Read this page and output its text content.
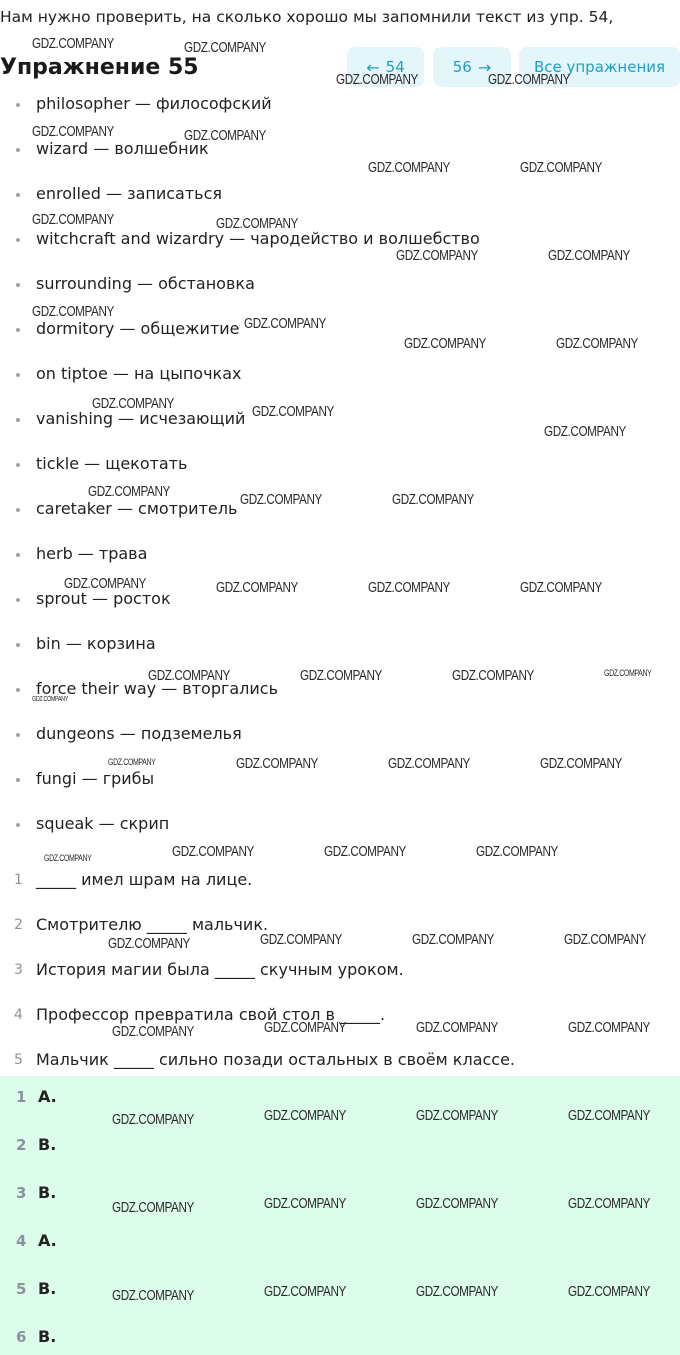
Нам нужно проверить, на сколько хорошо мы запомнили текст из упр. 54,
Упражнение 55	← 54	56 →	Все упражнения
philosopher — философский
wizard — волшебник
enrolled — записаться
witchcraft and wizardry — чародейство и волшебство
surrounding — обстановка
dormitory — общежитие
on tiptoe — на цыпочках
vanishing — исчезающий
tickle — щекотать
caretaker — смотритель
herb — трава
sprout — росток
bin — корзина
force their way — вторгались
dungeons — подземелья
fungi — грибы
squeak — скрип
1 _____ имел шрам на лице.
2 Смотрителю _____ мальчик.
3 История магии была _____ скучным уроком.
4 Профессор превратила свой стол в _____.
5 Мальчик _____ сильно позади остальных в своём классе.
1 A.
2 B.
3 B.
4 A.
5 B.
6 B.
GDZ.COMPANY	GDZ.COMPANY
GDZ.COMPANY	GDZ.COMPANY
GDZ.COMPANY	GDZ.COMPANY
GDZ.COMPANY	GDZ.COMPANY
GDZ.COMPANY	GDZ.COMPANY
GDZ.COMPANY	GDZ.COMPANY
GDZ.COMPANY
GDZ.COMPANY
GDZ.COMPANY	GDZ.COMPANY
GDZ.COMPANY	GDZ.COMPANY
GDZ.COMPANY
GDZ.COMPANY	GDZ.COMPANY	GDZ.COMPANY
GDZ.COMPANY	GDZ.COMPANY	GDZ.COMPANY	GDZ.COMPANY
GDZ.COMPANY	GDZ.COMPANY	GDZ.COMPANY	GDZ.COMPANY
GDZ.COMPANY
GDZ.COMPANY	GDZ.COMPANY	GDZ.COMPANY	GDZ.COMPANY
GDZ.COMPANY	GDZ.COMPANY	GDZ.COMPANY	GDZ.COMPANY
GDZ.COMPANY	GDZ.COMPANY	GDZ.COMPANY	GDZ.COMPANY
GDZ.COMPANY	GDZ.COMPANY	GDZ.COMPANY	GDZ.COMPANY
GDZ.COMPANY	GDZ.COMPANY	GDZ.COMPANY	GDZ.COMPANY
GDZ.COMPANY	GDZ.COMPANY	GDZ.COMPANY	GDZ.COMPANY
GDZ.COMPANY	GDZ.COMPANY	GDZ.COMPANY	GDZ.COMPANY
